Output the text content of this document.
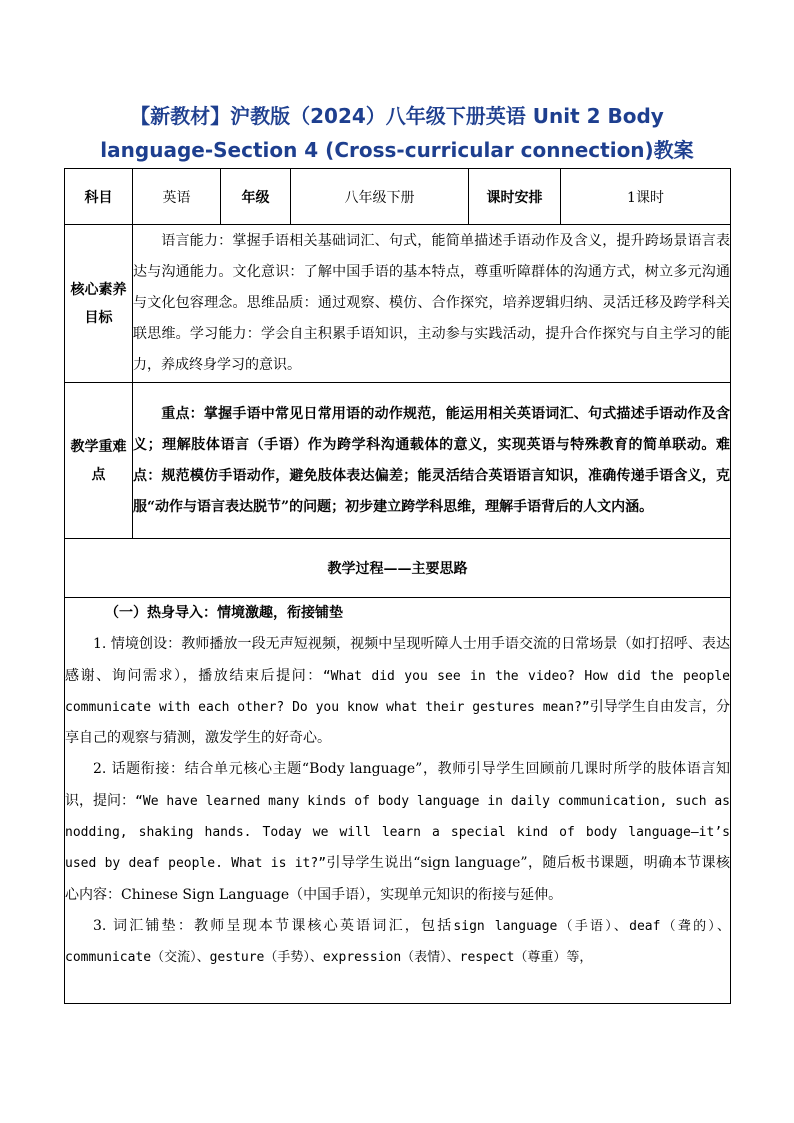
【新教材】沪教版（2024）八年级下册英语 Unit 2 Body
language-Section 4 (Cross-curricular connection)教案
科目	英语	年级	八年级下册	课时安排	1课时
核心素养目标	语言能力：掌握手语相关基础词汇、句式，能简单描述手语动作及含义，提升跨场景语言表达与沟通能力。文化意识：了解中国手语的基本特点，尊重听障群体的沟通方式，树立多元沟通与文化包容理念。思维品质：通过观察、模仿、合作探究，培养逻辑归纳、灵活迁移及跨学科关联思维。学习能力：学会自主积累手语知识，主动参与实践活动，提升合作探究与自主学习的能力，养成终身学习的意识。				
教学重难点	重点：掌握手语中常见日常用语的动作规范，能运用相关英语词汇、句式描述手语动作及含义；理解肢体语言（手语）作为跨学科沟通载体的意义，实现英语与特殊教育的简单联动。难点：规范模仿手语动作，避免肢体表达偏差；能灵活结合英语语言知识，准确传递手语含义，克服“动作与语言表达脱节”的问题；初步建立跨学科思维，理解手语背后的人文内涵。				
教学过程——主要思路					

（一）热身导入：情境激趣，衔接铺垫

1. 情境创设：教师播放一段无声短视频，视频中呈现听障人士用手语交流的日常场景（如打招呼、表达感谢、询问需求），播放结束后提问：“What did you see in the video? How did the people communicate with each other? Do you know what their gestures mean?”引导学生自由发言，分享自己的观察与猜测，激发学生的好奇心。

2. 话题衔接：结合单元核心主题“Body language”，教师引导学生回顾前几课时所学的肢体语言知识，提问：“We have learned many kinds of body language in daily communication, such as nodding, shaking hands. Today we will learn a special kind of body language—it’s used by deaf people. What is it?”引导学生说出“sign language”，随后板书课题，明确本节课核心内容：Chinese Sign Language（中国手语），实现单元知识的衔接与延伸。

3. 词汇铺垫：教师呈现本节课核心英语词汇，包括sign language（手语）、deaf（聋的）、communicate（交流）、gesture（手势）、expression（表情）、respect（尊重）等，					
